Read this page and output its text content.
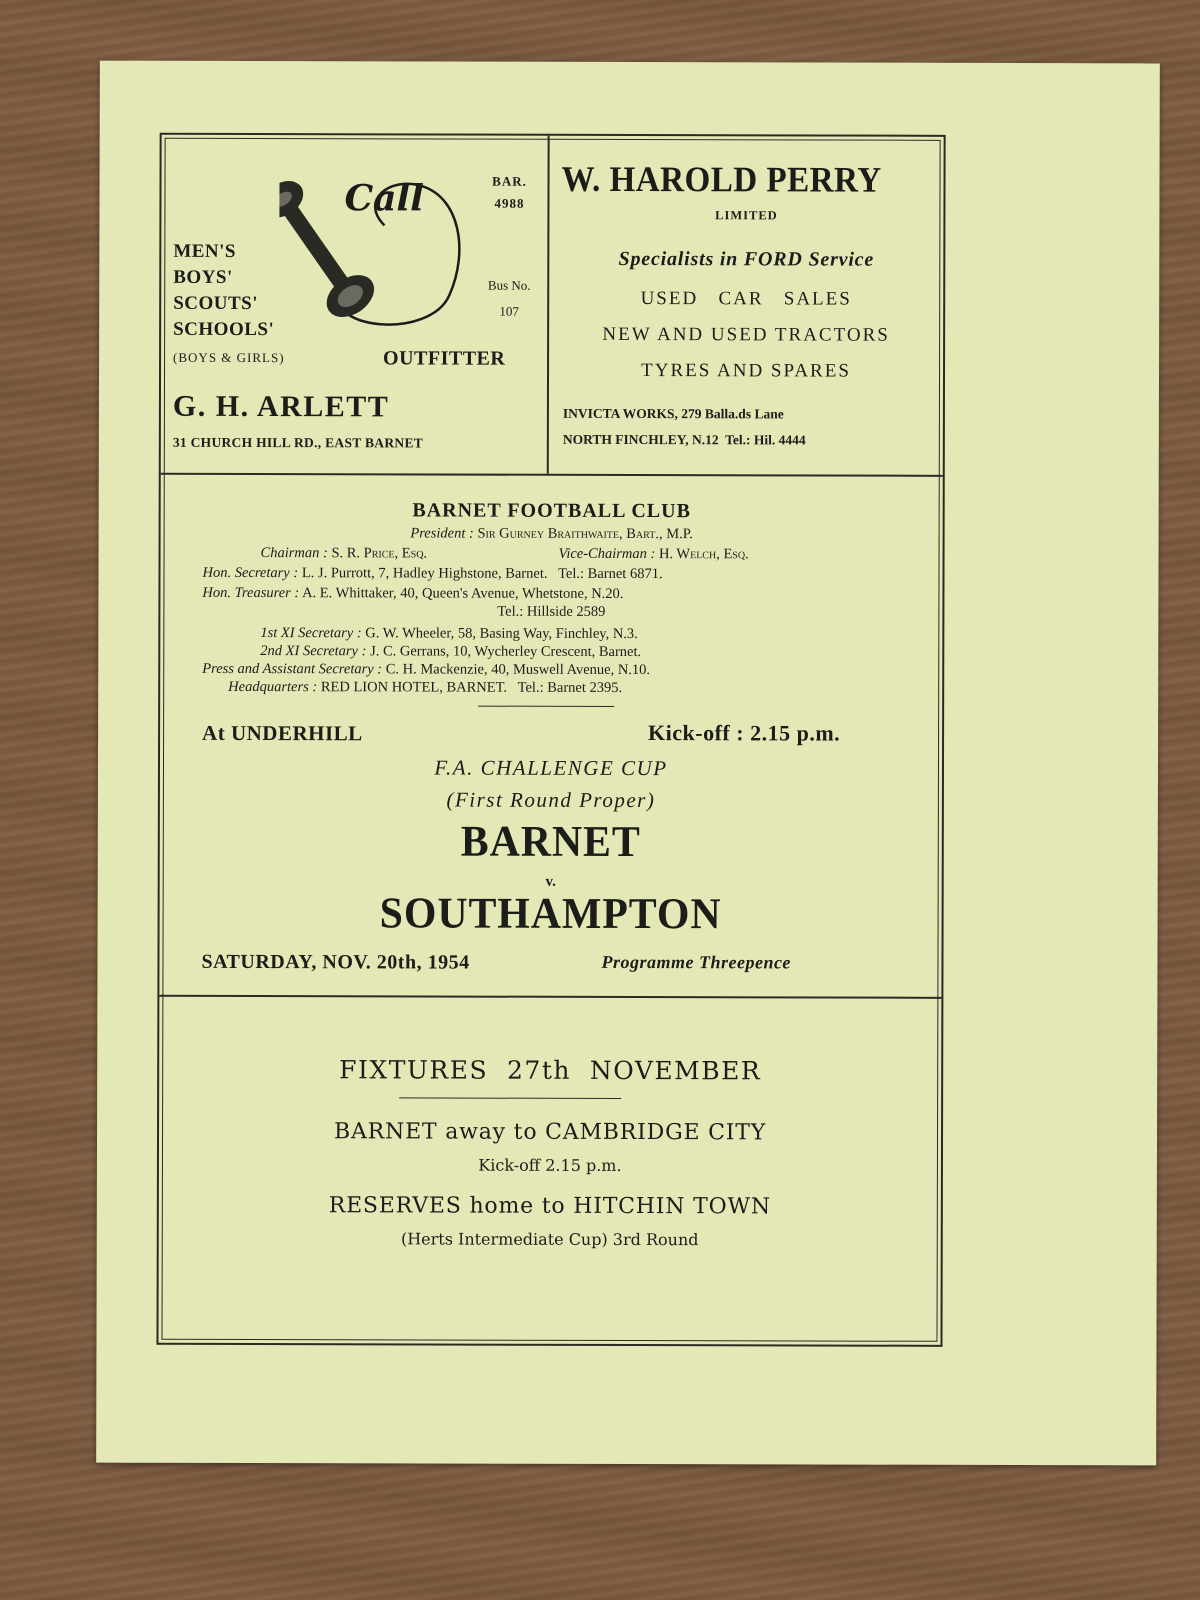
Call	BAR.
4988
Bus No.
107
MEN'S
BOYS'
SCOUTS'
SCHOOLS'
(BOYS & GIRLS)	OUTFITTER
G. H. ARLETT
31 CHURCH HILL RD., EAST BARNET
W. HAROLD PERRY
LIMITED
Specialists in FORD Service
USED   CAR   SALES
NEW AND USED TRACTORS
TYRES AND SPARES
INVICTA WORKS, 279 Balla.ds Lane
NORTH FINCHLEY, N.12  Tel.: Hil. 4444
BARNET FOOTBALL CLUB
President : Sir Gurney Braithwaite, Bart., M.P.
Chairman : S. R. Price, Esq.	Vice-Chairman : H. Welch, Esq.
Hon. Secretary : L. J. Purrott, 7, Hadley Highstone, Barnet.   Tel.: Barnet 6871.
Hon. Treasurer : A. E. Whittaker, 40, Queen's Avenue, Whetstone, N.20.
Tel.: Hillside 2589
1st XI Secretary : G. W. Wheeler, 58, Basing Way, Finchley, N.3.
2nd XI Secretary : J. C. Gerrans, 10, Wycherley Crescent, Barnet.
Press and Assistant Secretary : C. H. Mackenzie, 40, Muswell Avenue, N.10.
Headquarters : RED LION HOTEL, BARNET.   Tel.: Barnet 2395.
At UNDERHILL	Kick-off : 2.15 p.m.
F.A. CHALLENGE CUP
(First Round Proper)
BARNET
v.
SOUTHAMPTON
SATURDAY, NOV. 20th, 1954	Programme Threepence
FIXTURES  27th  NOVEMBER
BARNET away to CAMBRIDGE CITY
Kick-off 2.15 p.m.
RESERVES home to HITCHIN TOWN
(Herts Intermediate Cup) 3rd Round
